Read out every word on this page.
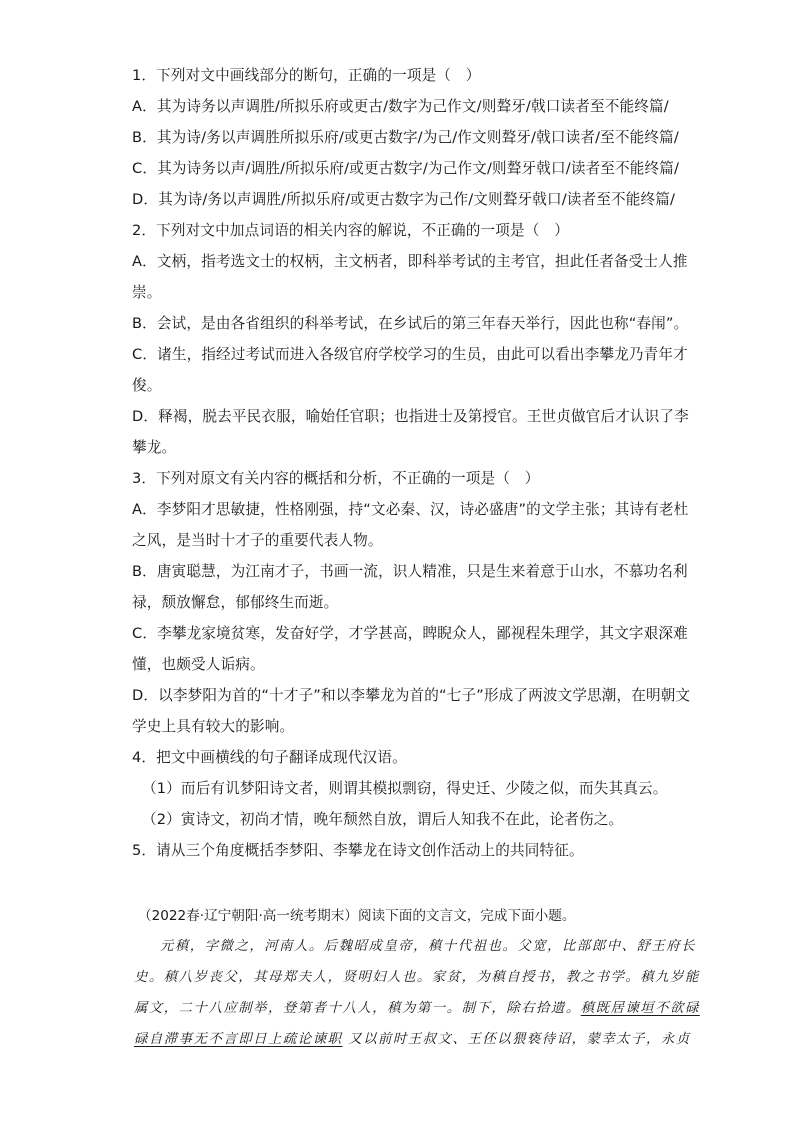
1．下列对文中画线部分的断句，正确的一项是（　）
A．其为诗务以声调胜/所拟乐府或更古/数字为己作文/则聱牙/戟口读者至不能终篇/
B．其为诗/务以声调胜所拟乐府/或更古数字/为己/作文则聱牙/戟口读者/至不能终篇/
C．其为诗务以声/调胜/所拟乐府/或更古数字/为己作文/则聱牙戟口/读者至不能终篇/
D．其为诗/务以声调胜/所拟乐府/或更古数字为己作/文则聱牙戟口/读者至不能终篇/
2．下列对文中加点词语的相关内容的解说，不正确的一项是（　）
A．文柄，指考选文士的权柄，主文柄者，即科举考试的主考官，担此任者备受士人推
崇。
B．会试，是由各省组织的科举考试，在乡试后的第三年春天举行，因此也称“春闱”。
C．诸生，指经过考试而进入各级官府学校学习的生员，由此可以看出李攀龙乃青年才
俊。
D．释褐，脱去平民衣服，喻始任官职；也指进士及第授官。王世贞做官后才认识了李
攀龙。
3．下列对原文有关内容的概括和分析，不正确的一项是（　）
A．李梦阳才思敏捷，性格刚强，持“文必秦、汉，诗必盛唐”的文学主张；其诗有老杜
之风，是当时十才子的重要代表人物。
B．唐寅聪慧，为江南才子，书画一流，识人精准，只是生来着意于山水，不慕功名利
禄，颓放懈怠，郁郁终生而逝。
C．李攀龙家境贫寒，发奋好学，才学甚高，睥睨众人，鄙视程朱理学，其文字艰深难
懂，也颇受人诟病。
D．以李梦阳为首的“十才子”和以李攀龙为首的“七子”形成了两波文学思潮，在明朝文
学史上具有较大的影响。
4．把文中画横线的句子翻译成现代汉语。
（1）而后有讥梦阳诗文者，则谓其模拟剽窃，得史迁、少陵之似，而失其真云。
（2）寅诗文，初尚才情，晚年颓然自放，谓后人知我不在此，论者伤之。
5．请从三个角度概括李梦阳、李攀龙在诗文创作活动上的共同特征。
（2022春·辽宁朝阳·高一统考期末）阅读下面的文言文，完成下面小题。
元稹，字微之，河南人。后魏昭成皇帝，稹十代祖也。父宽，比部郎中、舒王府长
史。稹八岁丧父，其母郑夫人，贤明妇人也。家贫，为稹自授书，教之书学。稹九岁能
属文，二十八应制举，登第者十八人，稹为第一。制下，除右拾遗。稹既居谏垣不欲碌
碌自滞事无不言即日上疏论谏职 又以前时王叔文、王伾以猥亵待诏，蒙幸太子，永贞
